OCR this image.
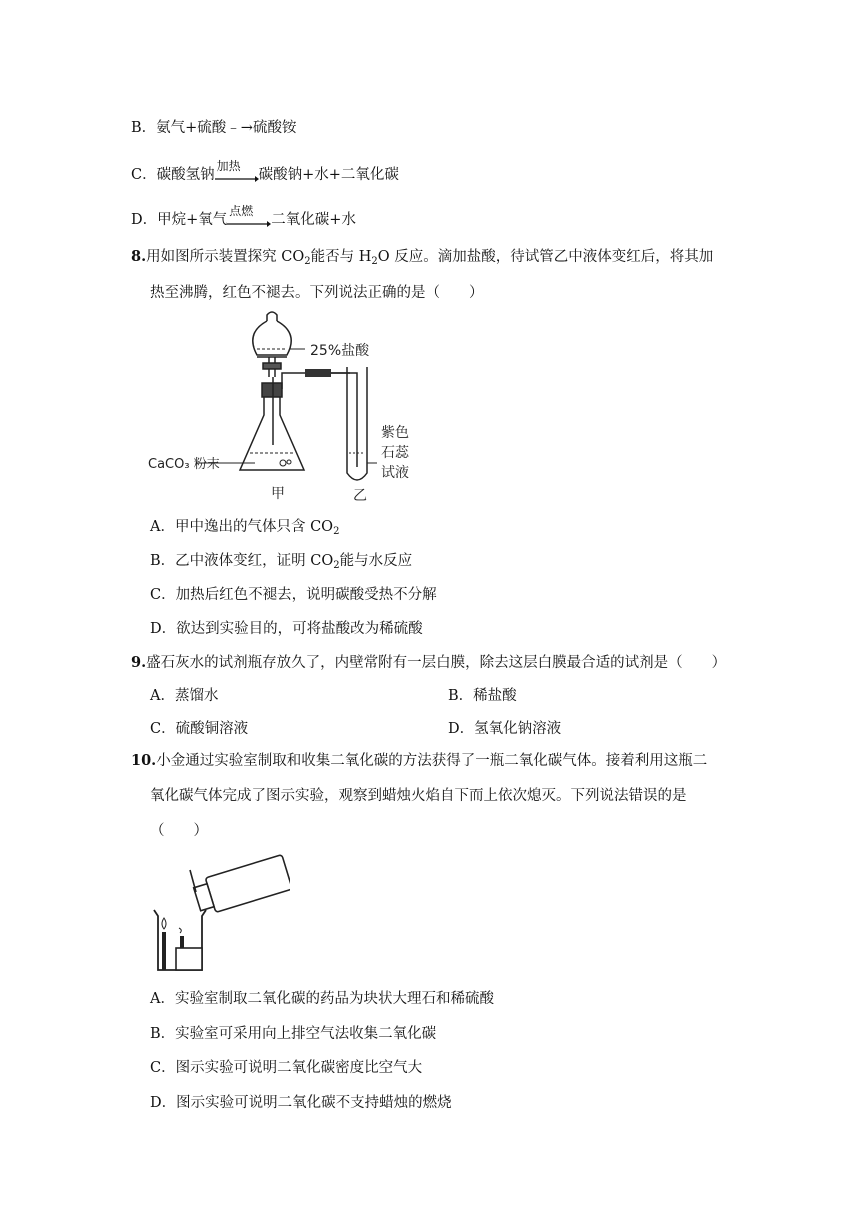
B．氨气+硫酸﹣→硫酸铵
C．碳酸氢钠
加热
碳酸钠+水+二氧化碳
D．甲烷+氧气
点燃
二氧化碳+水
8.用如图所示装置探究 $CO_2$能否与 $H_2O$ 反应。滴加盐酸，待试管乙中液体变红后，将其加
热至沸腾，红色不褪去。下列说法正确的是（　　）
25%盐酸
CaCO₃ 粉末
甲	乙
紫色
石蕊
试液
A．甲中逸出的气体只含 $CO_2$
B．乙中液体变红，证明 $CO_2$能与水反应
C．加热后红色不褪去，说明碳酸受热不分解
D．欲达到实验目的，可将盐酸改为稀硫酸
9.盛石灰水的试剂瓶存放久了，内壁常附有一层白膜，除去这层白膜最合适的试剂是（　　）
A．蒸馏水	B．稀盐酸
C．硫酸铜溶液	D．氢氧化钠溶液
10.小金通过实验室制取和收集二氧化碳的方法获得了一瓶二氧化碳气体。接着利用这瓶二
氧化碳气体完成了图示实验，观察到蜡烛火焰自下而上依次熄灭。下列说法错误的是
（　　）
A．实验室制取二氧化碳的药品为块状大理石和稀硫酸
B．实验室可采用向上排空气法收集二氧化碳
C．图示实验可说明二氧化碳密度比空气大
D．图示实验可说明二氧化碳不支持蜡烛的燃烧
